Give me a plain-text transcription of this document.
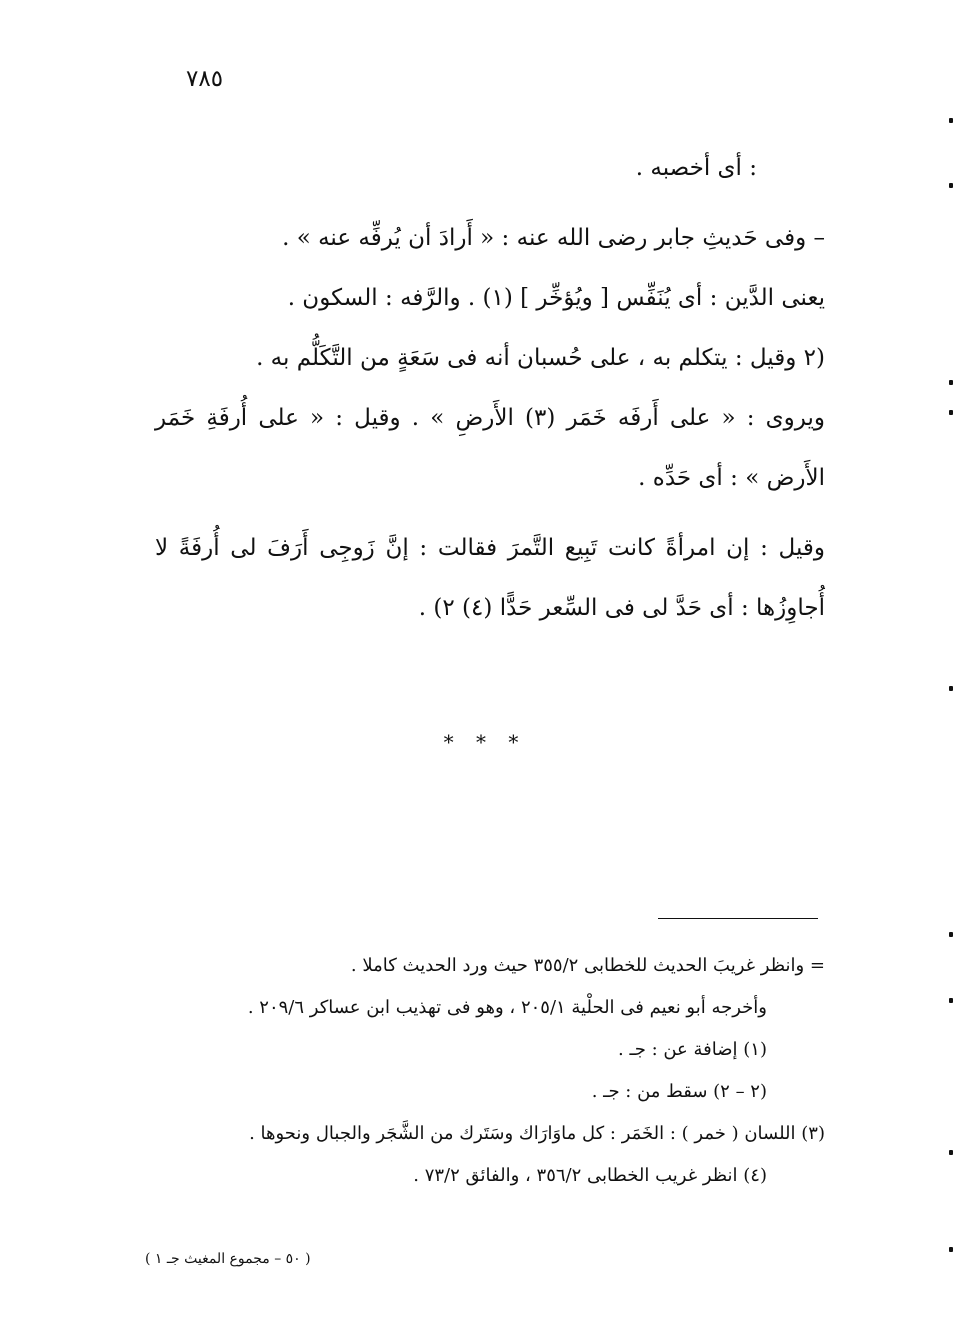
٧٨٥

: أى أخصبه .

– وفى حَديثِ جابر رضى الله عنه : « أَرادَ أن يُرفِّه عنه » .

يعنى الدَّين : أى يُنَفِّس [ ويُؤخِّر ] (١) . والرَّفه : السكون .

(٢ وقيل : يتكلم به ، على حُسبان أنه فى سَعَةٍ من التَّكَلُّم به .

ويروى : « على أَرفَه خَمَر (٣) الأَرضِ » . وقيل : « على أُرفَةِ خَمَر الأَرض » : أى حَدِّه .

وقيل : إن امرأةً كانت تَبِيع التَّمرَ فقالت : إنَّ زَوجِى أَرَفَ لى أُرفَةً لا أُجاوِزُها : أى حَدَّ لى فى السِّعر حَدًّا (٤) ٢) .

* * *

= وانظر غريبَ الحديث للخطابى ٣٥٥/٢ حيث ورد الحديث كاملا .

وأخرجه أبو نعيم فى الحلْية ٢٠٥/١ ، وهو فى تهذيب ابن عساكر ٢٠٩/٦ .

(١) إضافة عن : جـ .

(٢ – ٢) سقط من : جـ .

(٣) اللسان ( خمر ) : الخَمَر : كل ماوَارَاك وسَتَرك من الشَّجَر والجبال ونحوها .

(٤) انظر غريب الخطابى ٣٥٦/٢ ، والفائق ٧٣/٢ .

( ٥٠ – مجموع المغيث جـ ١ )
